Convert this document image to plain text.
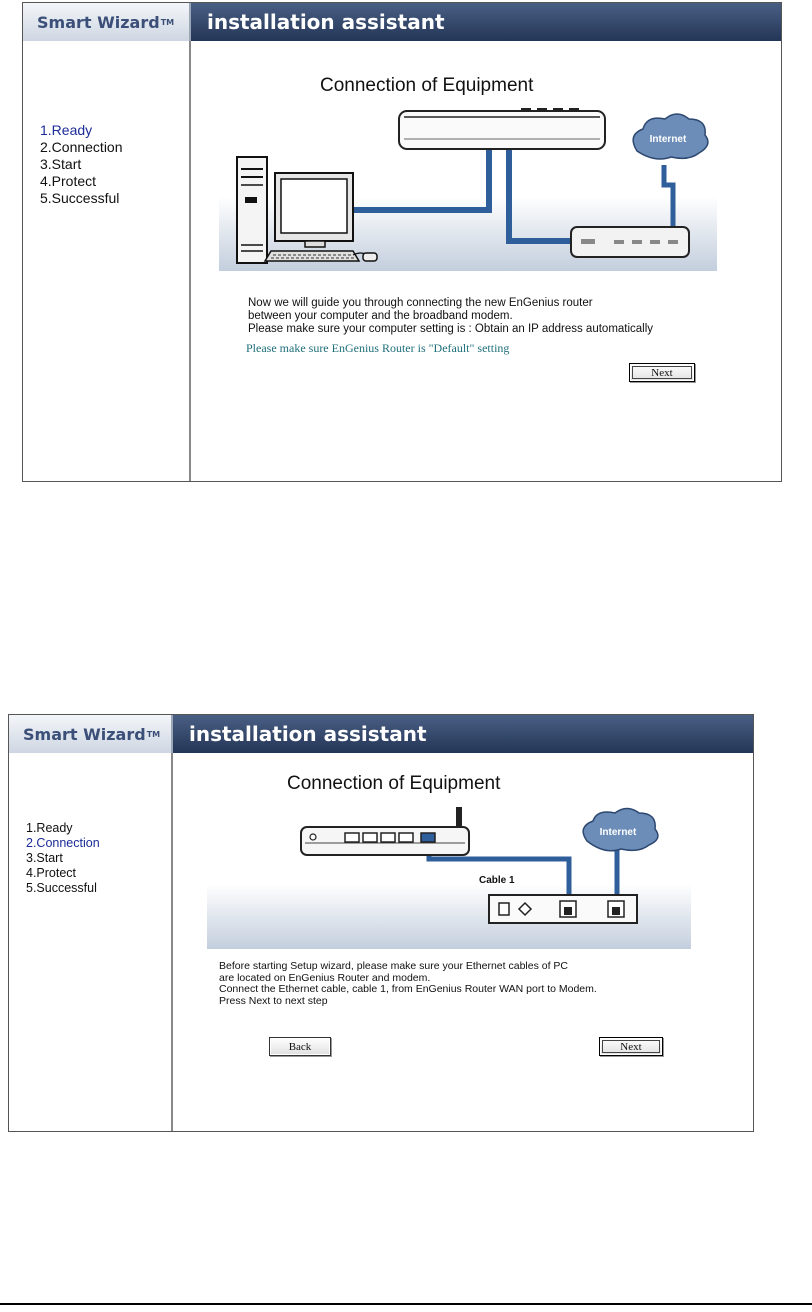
Smart Wizard TM installation assistant
1.Ready
2.Connection
3.Start
4.Protect
5.Successful
Connection of Equipment
Internet
Now we will guide you through connecting the new EnGenius router
between your computer and the broadband modem.
Please make sure your computer setting is : Obtain an IP address automatically
Please make sure EnGenius Router is "Default" setting
Next
Smart Wizard TM installation assistant
1.Ready
2.Connection
3.Start
4.Protect
5.Successful
Connection of Equipment
Internet
Cable 1
Before starting Setup wizard, please make sure your Ethernet cables of PC
are located on EnGenius Router and modem.
Connect the Ethernet cable, cable 1, from EnGenius Router WAN port to Modem.
Press Next to next step
Back	Next
